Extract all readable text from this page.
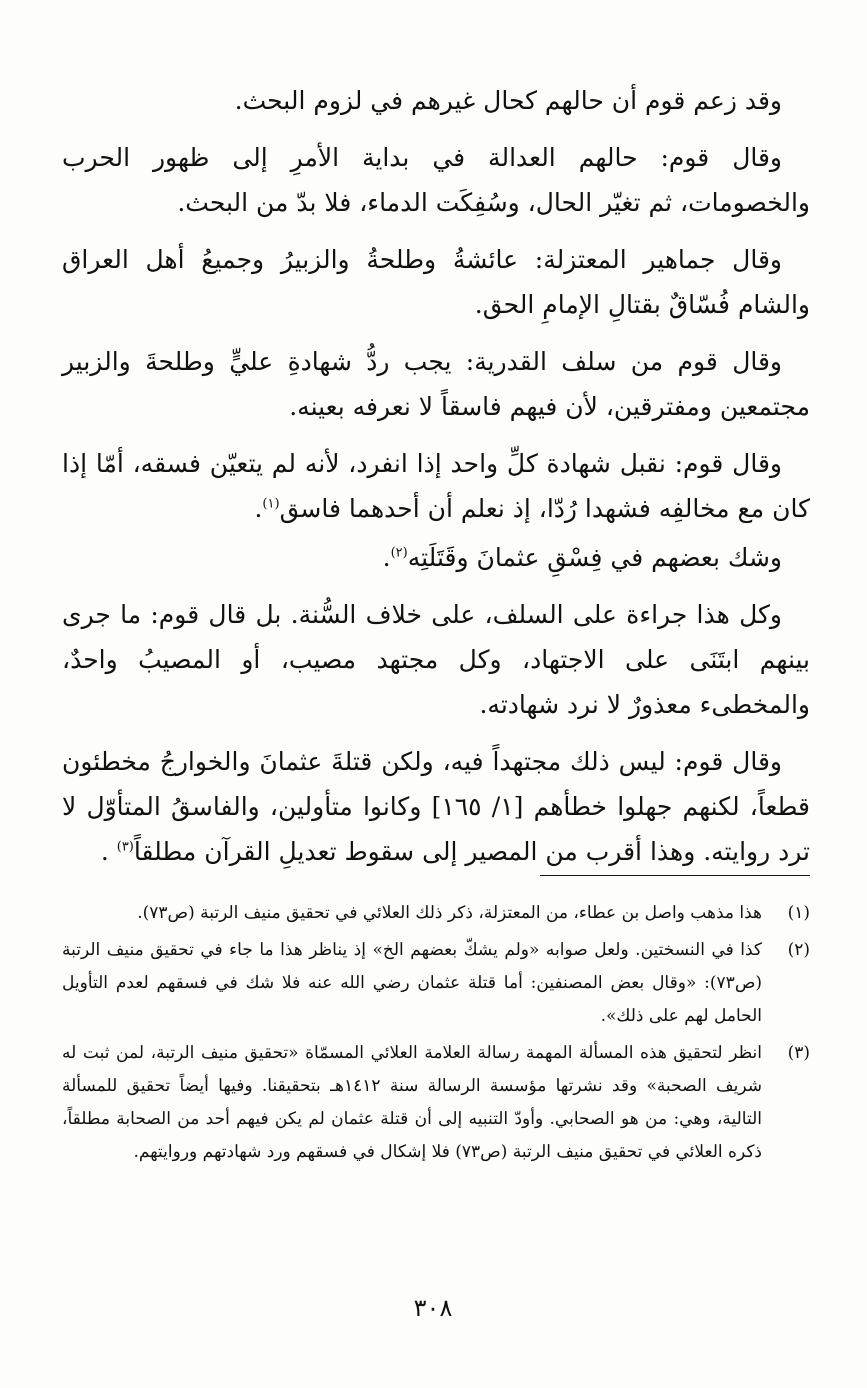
وقد زعم قوم أن حالهم كحال غيرهم في لزوم البحث.

وقال قوم: حالهم العدالة في بداية الأمرِ إلى ظهور الحرب والخصومات، ثم تغيّر الحال، وسُفِكَت الدماء، فلا بدّ من البحث.

وقال جماهير المعتزلة: عائشةُ وطلحةُ والزبيرُ وجميعُ أهل العراق والشام فُسّاقٌ بقتالِ الإمامِ الحق.

وقال قوم من سلف القدرية: يجب ردُّ شهادةِ عليٍّ وطلحةَ والزبير مجتمعين ومفترقين، لأن فيهم فاسقاً لا نعرفه بعينه.

وقال قوم: نقبل شهادة كلِّ واحد إذا انفرد، لأنه لم يتعيّن فسقه، أمّا إذا كان مع مخالفِه فشهدا رُدّا، إذ نعلم أن أحدهما فاسق$^{(١)}$.

وشك بعضهم في فِسْقِ عثمانَ وقَتَلَتِه$^{(٢)}$.

وكل هذا جراءة على السلف، على خلاف السُّنة. بل قال قوم: ما جرى بينهم ابتَنَى على الاجتهاد، وكل مجتهد مصيب، أو المصيبُ واحدٌ، والمخطىء معذورٌ لا نرد شهادته.

وقال قوم: ليس ذلك مجتهداً فيه، ولكن قتلةَ عثمانَ والخوارجُ مخطئون قطعاً، لكنهم جهلوا خطأهم [١/ ١٦٥] وكانوا متأولين، والفاسقُ المتأوّل لا ترد روايته. وهذا أقرب من المصير إلى سقوط تعديلِ القرآن مطلقاً$^{(٣)}$ .

(١)
هذا مذهب واصل بن عطاء، من المعتزلة، ذكر ذلك العلائي في تحقيق منيف الرتبة (ص٧٣).
(٢)
كذا في النسختين. ولعل صوابه «ولم يشكّ بعضهم الخ» إذ يناظر هذا ما جاء في تحقيق منيف الرتبة (ص٧٣): «وقال بعض المصنفين: أما قتلة عثمان رضي الله عنه فلا شك في فسقهم لعدم التأويل الحامل لهم على ذلك».
(٣)
انظر لتحقيق هذه المسألة المهمة رسالة العلامة العلائي المسمّاة «تحقيق منيف الرتبة، لمن ثبت له شريف الصحبة» وقد نشرتها مؤسسة الرسالة سنة ١٤١٢هـ بتحقيقنا. وفيها أيضاً تحقيق للمسألة التالية، وهي: من هو الصحابي. وأودّ التنبيه إلى أن قتلة عثمان لم يكن فيهم أحد من الصحابة مطلقاً، ذكره العلائي في تحقيق منيف الرتبة (ص٧٣) فلا إشكال في فسقهم ورد شهادتهم وروايتهم.
٣٠٨
